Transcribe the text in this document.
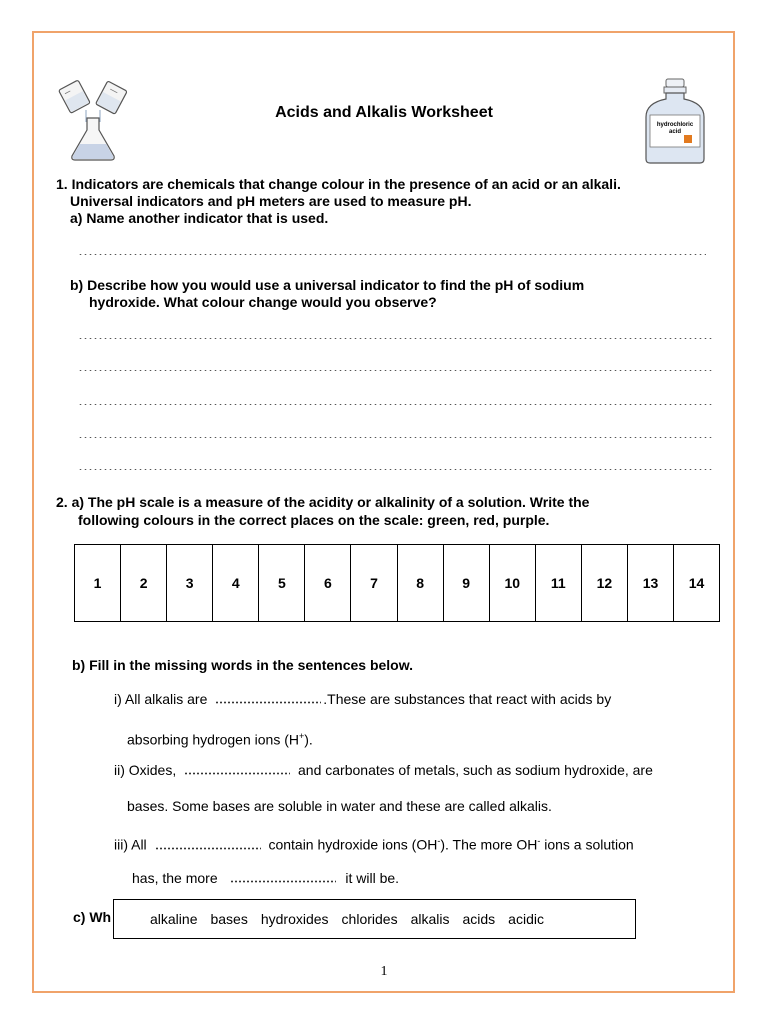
hydrochloric
acid
Acids and Alkalis Worksheet
1. Indicators are chemicals that change colour in the presence of an acid or an alkali.
Universal indicators and pH meters are used to measure pH.
a) Name another indicator that is used.
b) Describe how you would use a universal indicator to find the pH of sodium
hydroxide. What colour change would you observe?
2. a) The pH scale is a measure of the acidity or alkalinity of a solution. Write the
following colours in the correct places on the scale: green, red, purple.
1	2	3	4	5	6	7	8	9	10	11	12	13	14
b) Fill in the missing words in the sentences below.
i) All alkalis are	.These are substances that react with acids by
absorbing hydrogen ions (H+).
ii) Oxides,	and carbonates of metals, such as sodium hydroxide, are
bases. Some bases are soluble in water and these are called alkalis.
iii) All	contain hydroxide ions (OH-). The more OH- ions a solution
has, the more	it will be.
c) Wh	alkaline bases hydroxides chlorides alkalis acids acidic
1
